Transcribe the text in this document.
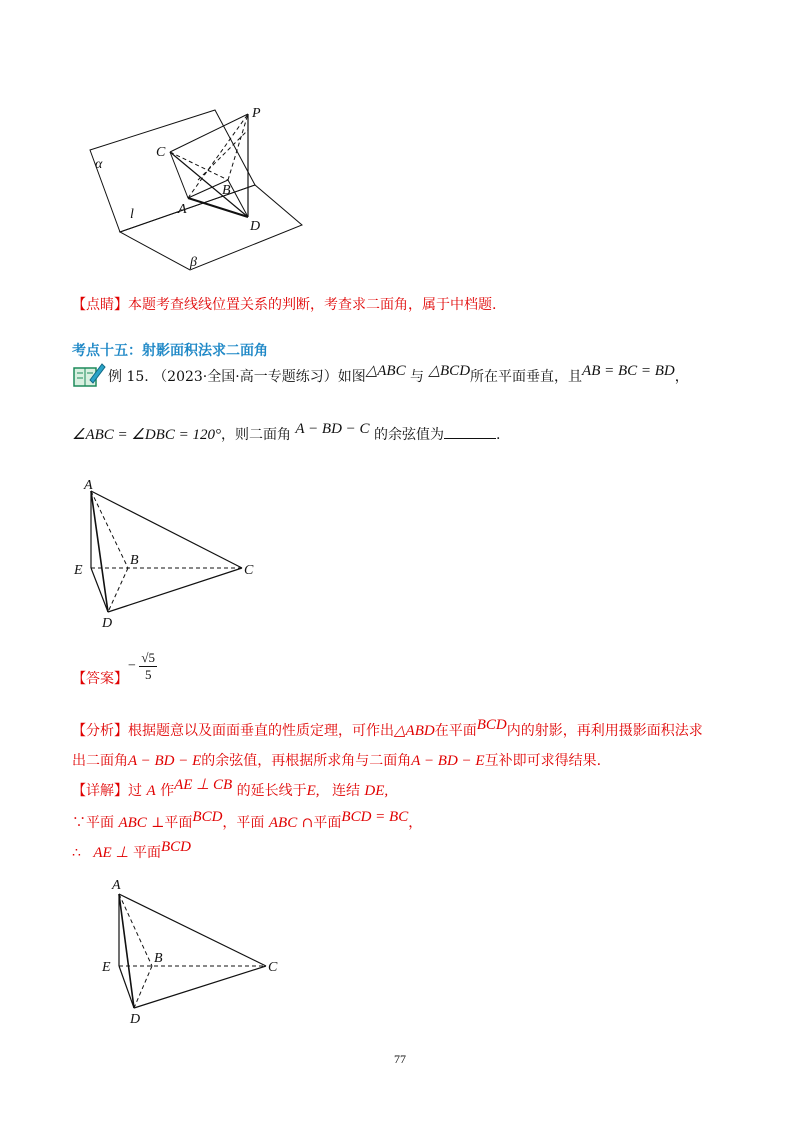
P
C
B
A
D
α
l
β
【点睛】本题考查线线位置关系的判断，考查求二面角，属于中档题.
考点十五：射影面积法求二面角
例 15. （2023·全国·高一专题练习）如图△ABC 与 △BCD所在平面垂直，且AB = BC = BD，
∠ABC = ∠DBC = 120°，则二面角 A − BD − C 的余弦值为	.
A
E
B
C
D
【答案】
− $\frac{√5}{5}$
【分析】根据题意以及面面垂直的性质定理，可作出△ABD在平面BCD内的射影，再利用摄影面积法求
出二面角A − BD − E的余弦值，再根据所求角与二面角A − BD − E互补即可求得结果.
【详解】过 A 作AE ⊥ CB 的延长线于E, 连结 DE,
∵平面 ABC ⊥平面BCD，平面 ABC ∩平面BCD = BC，
∴ AE ⊥ 平面BCD
A
E
B
C
D
77
